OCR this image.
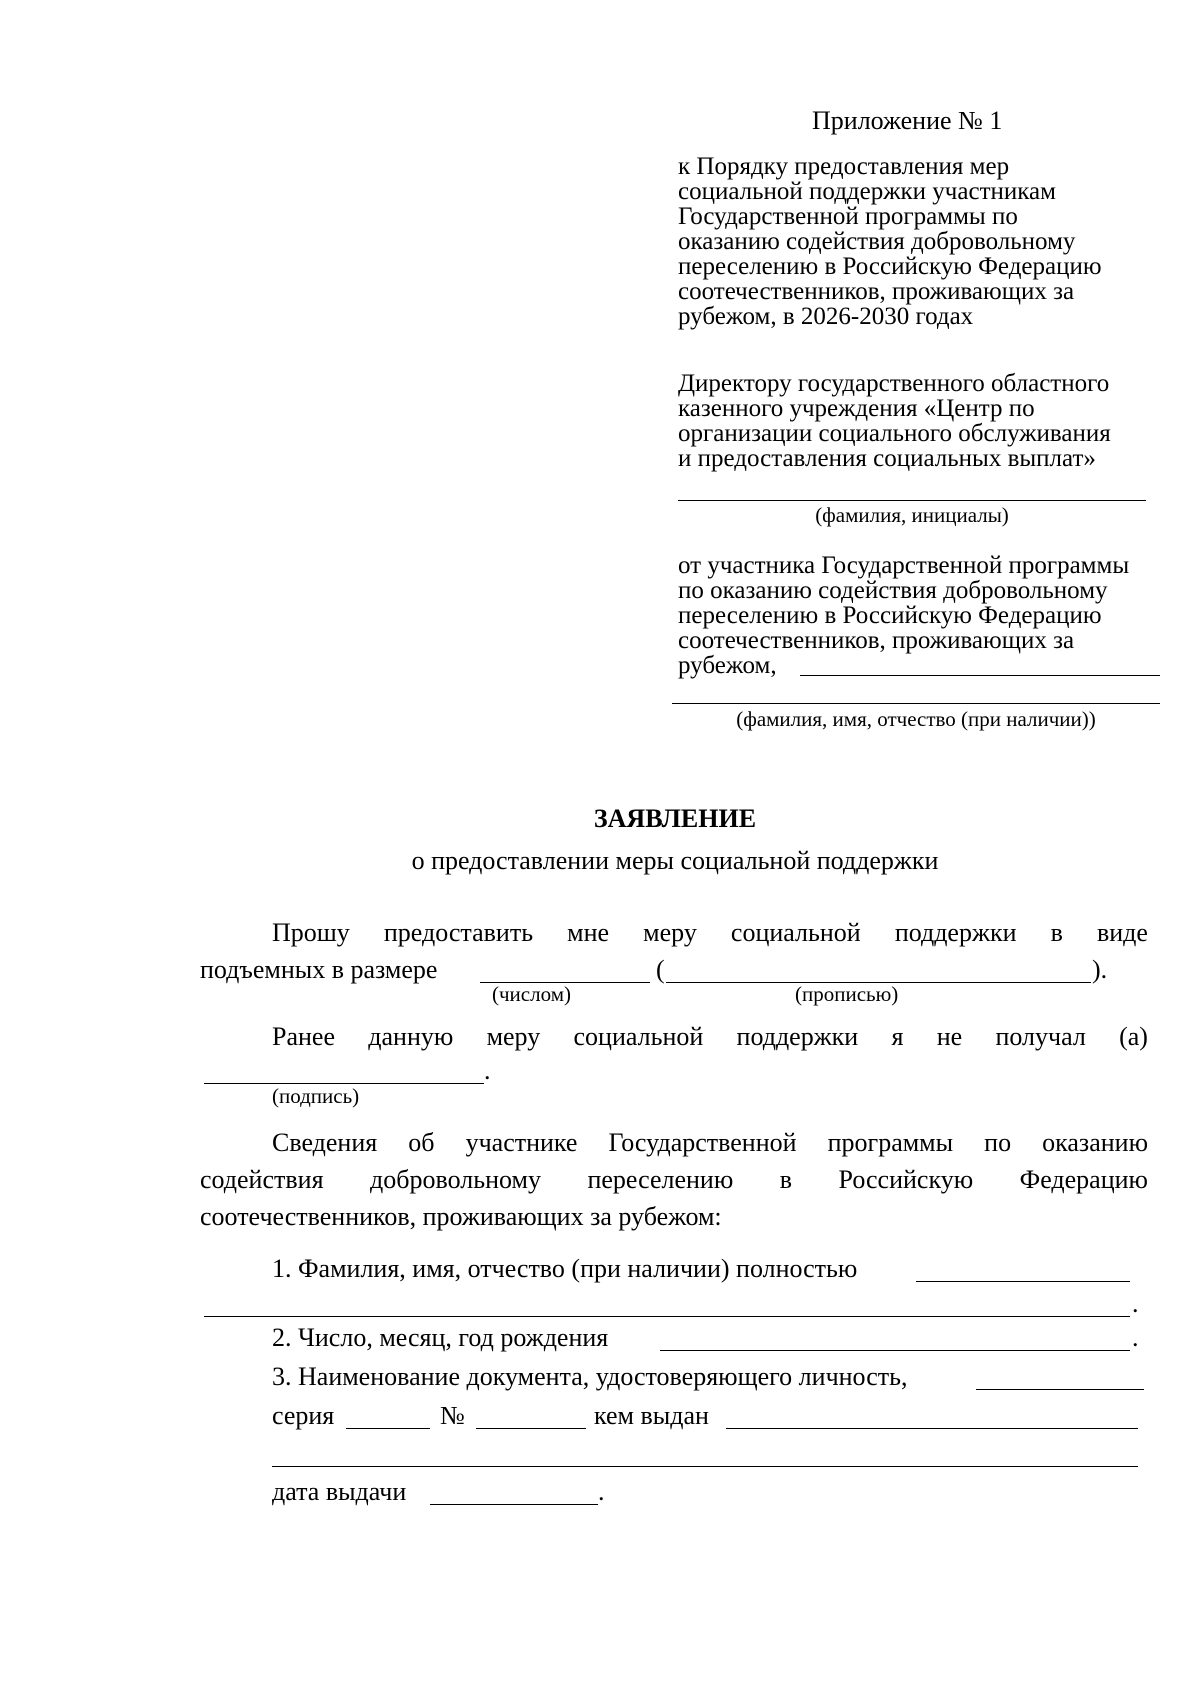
Приложение № 1
к Порядку предоставления мер
социальной поддержки участникам
Государственной программы по
оказанию содействия добровольному
переселению в Российскую Федерацию
соотечественников, проживающих за
рубежом, в 2026-2030 годах
Директору государственного областного
казенного учреждения «Центр по
организации социального обслуживания
и предоставления социальных выплат»
(фамилия, инициалы)
от участника Государственной программы
по оказанию содействия добровольному
переселению в Российскую Федерацию
соотечественников, проживающих за
рубежом,
(фамилия, имя, отчество (при наличии))
ЗАЯВЛЕНИЕ
о предоставлении меры социальной поддержки
Прошу предоставить мне меру социальной поддержки в виде
подъемных в размере	(	).
(числом)	(прописью)
Ранее данную меру социальной поддержки я не получал (а)
.
(подпись)
Сведения об участнике Государственной программы по оказанию
содействия добровольному переселению в Российскую Федерацию
соотечественников, проживающих за рубежом:
1. Фамилия, имя, отчество (при наличии) полностью
.
2. Число, месяц, год рождения	.
3. Наименование документа, удостоверяющего личность,
серия	№	кем выдан
дата выдачи	.
